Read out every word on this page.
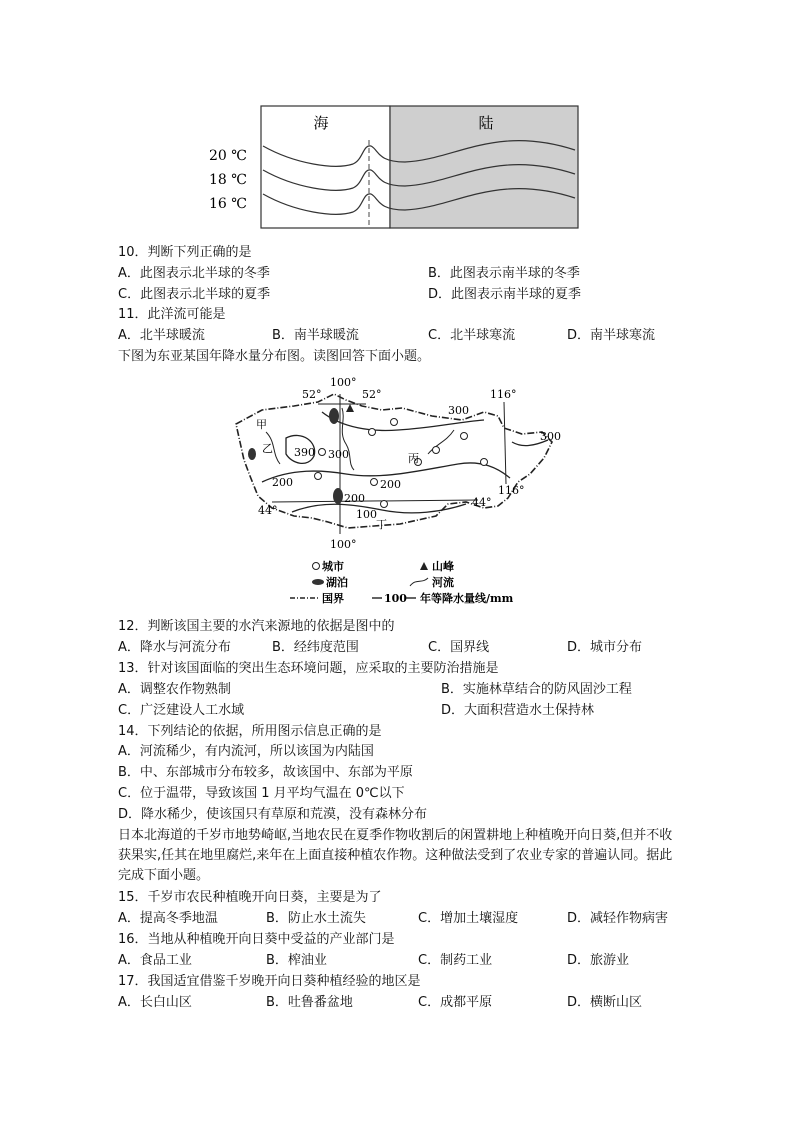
海	陆
20 ℃
18 ℃
16 ℃
10．判断下列正确的是
A．此图表示北半球的冬季	B．此图表示南半球的冬季
C．此图表示北半球的夏季	D．此图表示南半球的夏季
11．此洋流可能是
A．北半球暖流	B．南半球暖流	C．北半球寒流	D．南半球寒流
下图为东亚某国年降水量分布图。读图回答下面小题。
100°
100°
116°
116°
52°	52°
44°
44°
300
300
300
200	200
200
100
390
甲
乙
丙
丁
城市	山峰
湖泊	河流
国界	100 年等降水量线/mm
12．判断该国主要的水汽来源地的依据是图中的
A．降水与河流分布	B．经纬度范围	C．国界线	D．城市分布
13．针对该国面临的突出生态环境问题，应采取的主要防治措施是
A．调整农作物熟制	B．实施林草结合的防风固沙工程
C．广泛建设人工水域	D．大面积营造水土保持林
14．下列结论的依据，所用图示信息正确的是
A．河流稀少，有内流河，所以该国为内陆国
B．中、东部城市分布较多，故该国中、东部为平原
C．位于温带，导致该国 1 月平均气温在 0℃以下
D．降水稀少，使该国只有草原和荒漠，没有森林分布
日本北海道的千岁市地势崎岖,当地农民在夏季作物收割后的闲置耕地上种植晚开向日葵,但并不收获果实,任其在地里腐烂,来年在上面直接种植农作物。这种做法受到了农业专家的普遍认同。据此完成下面小题。
15．千岁市农民种植晚开向日葵，主要是为了
A．提高冬季地温	B．防止水土流失	C．增加土壤湿度	D．减轻作物病害
16．当地从种植晚开向日葵中受益的产业部门是
A．食品工业	B．榨油业	C．制药工业	D．旅游业
17．我国适宜借鉴千岁晚开向日葵种植经验的地区是
A．长白山区	B．吐鲁番盆地	C．成都平原	D．横断山区
